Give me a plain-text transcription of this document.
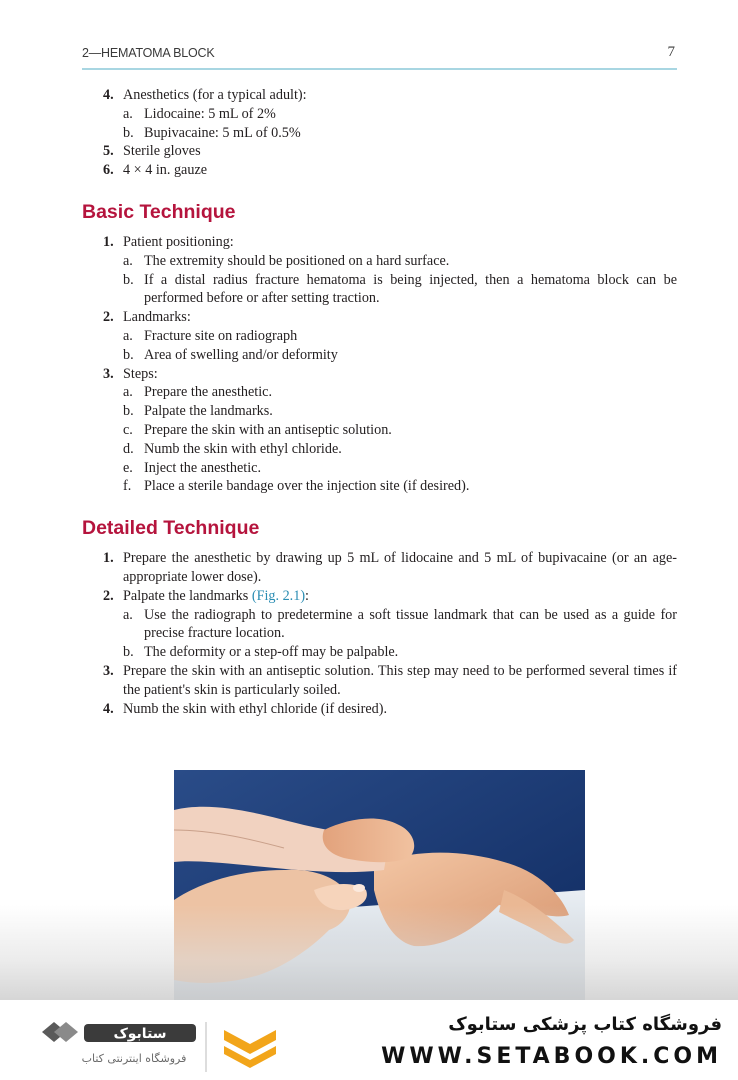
2—HEMATOMA BLOCK	7
4. Anesthetics (for a typical adult):
a. Lidocaine: 5 mL of 2%
b. Bupivacaine: 5 mL of 0.5%
5. Sterile gloves
6. 4 × 4 in. gauze
Basic Technique
1. Patient positioning:
a. The extremity should be positioned on a hard surface.
b. If a distal radius fracture hematoma is being injected, then a hematoma block can be performed before or after setting traction.
2. Landmarks:
a. Fracture site on radiograph
b. Area of swelling and/or deformity
3. Steps:
a. Prepare the anesthetic.
b. Palpate the landmarks.
c. Prepare the skin with an antiseptic solution.
d. Numb the skin with ethyl chloride.
e. Inject the anesthetic.
f. Place a sterile bandage over the injection site (if desired).
Detailed Technique
1. Prepare the anesthetic by drawing up 5 mL of lidocaine and 5 mL of bupivacaine (or an age-appropriate lower dose).
2. Palpate the landmarks (Fig. 2.1):
a. Use the radiograph to predetermine a soft tissue landmark that can be used as a guide for precise fracture location.
b. The deformity or a step-off may be palpable.
3. Prepare the skin with an antiseptic solution. This step may need to be performed several times if the patient's skin is particularly soiled.
4. Numb the skin with ethyl chloride (if desired).
ستابوک
فروشگاه اینترنتی کتاب
فروشگاه کتاب پزشکی ستابوک
WWW.SETABOOK.COM
